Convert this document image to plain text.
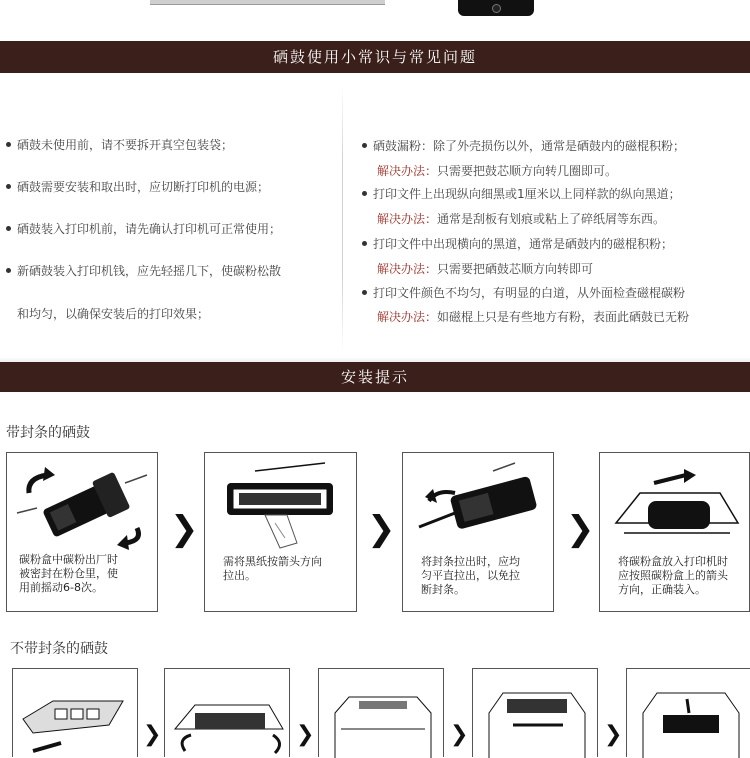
硒鼓使用小常识与常见问题
硒鼓未使用前，请不要拆开真空包装袋；
硒鼓需要安装和取出时，应切断打印机的电源；
硒鼓装入打印机前，请先确认打印机可正常使用；
新硒鼓装入打印机钱，应先轻摇几下，使碳粉松散
和均匀，以确保安装后的打印效果；
硒鼓漏粉：除了外壳损伤以外，通常是硒鼓内的磁棍积粉；
解决办法：只需要把鼓芯顺方向转几圈即可。
打印文件上出现纵向细黑或1厘米以上同样款的纵向黑道；
解决办法：通常是刮板有划痕或粘上了碎纸屑等东西。
打印文件中出现横向的黑道，通常是硒鼓内的磁棍积粉；
解决办法：只需要把硒鼓芯顺方向转即可
打印文件颜色不均匀，有明显的白道，从外面检查磁棍碳粉
解决办法：如磁棍上只是有些地方有粉，表面此硒鼓已无粉
安装提示
带封条的硒鼓
碳粉盒中碳粉出厂时
被密封在粉仓里，使
用前摇动6-8次。
❯
需将黑纸按箭头方向
拉出。
❯
将封条拉出时，应均
匀平直拉出，以免拉
断封条。
❯
将碳粉盒放入打印机时
应按照碳粉盒上的箭头
方向，正确装入。
不带封条的硒鼓
❯	❯	❯	❯
